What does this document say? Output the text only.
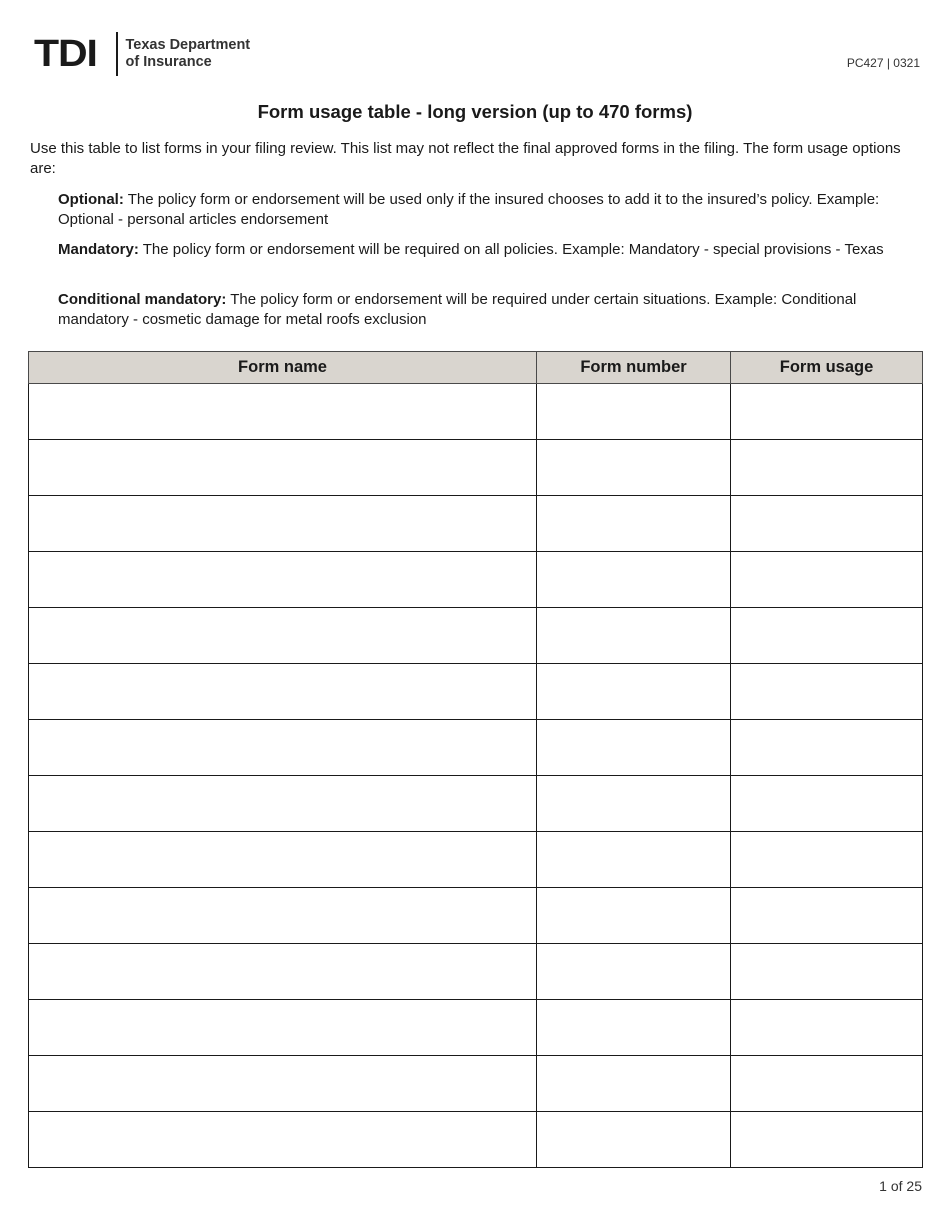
TDI	Texas Department
of Insurance	PC427 | 0321
Form usage table - long version (up to 470 forms)
Use this table to list forms in your filing review. This list may not reflect the final approved forms in the filing. The form usage options are:
Optional: The policy form or endorsement will be used only if the insured chooses to add it to the insured’s policy. Example: Optional - personal articles endorsement
Mandatory: The policy form or endorsement will be required on all policies. Example: Mandatory - special provisions - Texas
Conditional mandatory: The policy form or endorsement will be required under certain situations. Example: Conditional mandatory - cosmetic damage for metal roofs exclusion
Form name	Form number	Form usage

1 of 25
